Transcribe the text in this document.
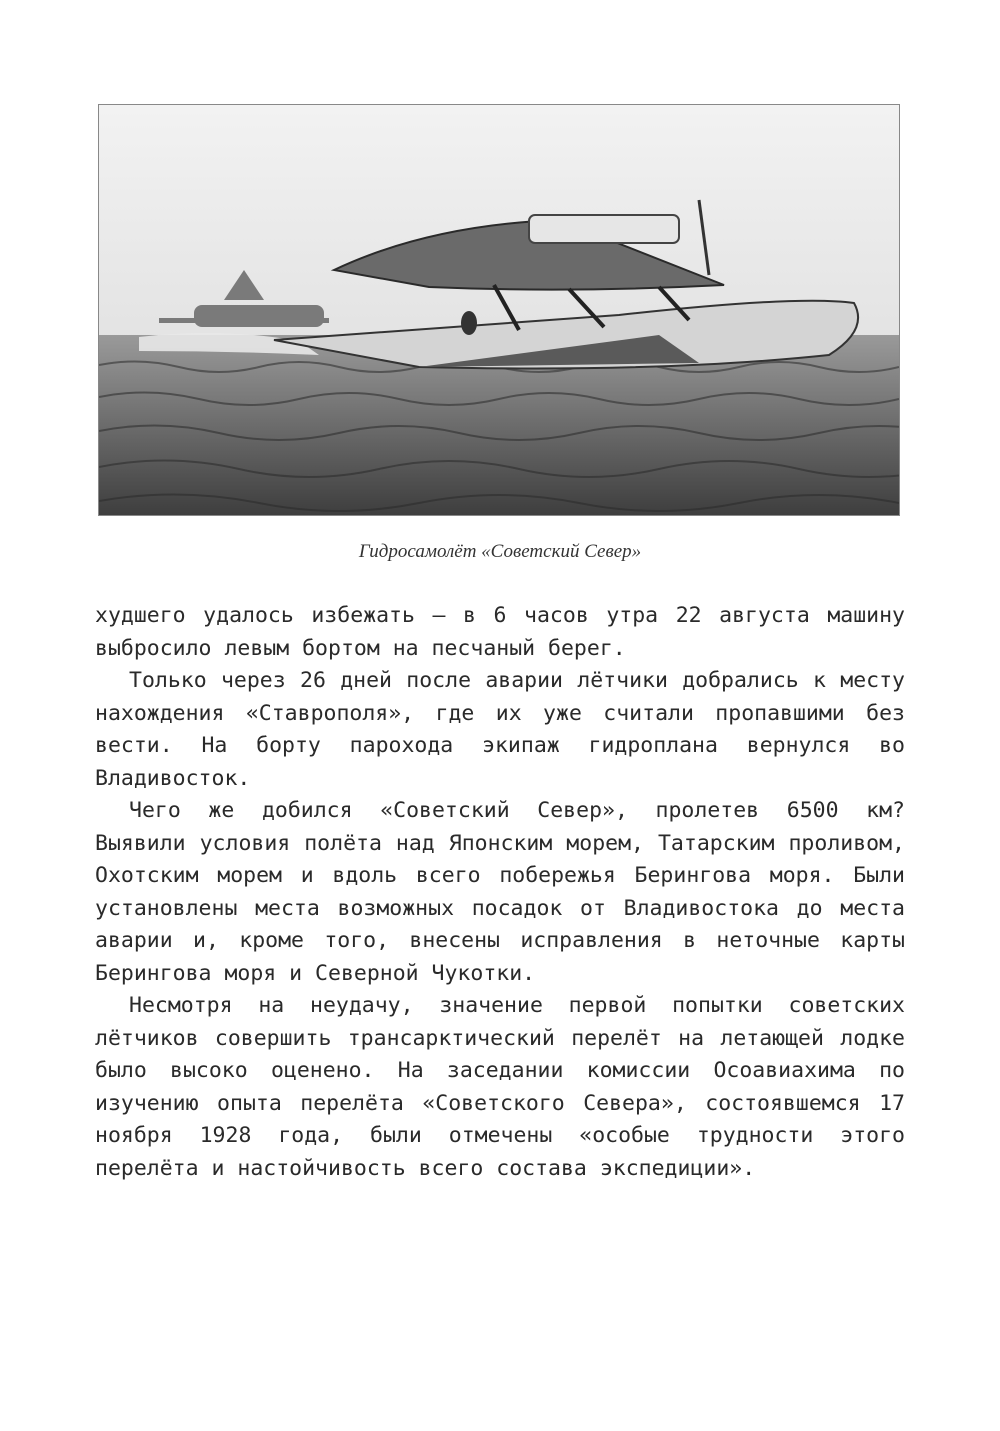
Гидросамолёт «Советский Север»

худшего удалось избежать — в 6 часов утра 22 августа машину выбросило левым бортом на песчаный берег.

Только через 26 дней после аварии лётчики добрались к месту нахождения «Ставрополя», где их уже считали пропавшими без вести. На борту парохода экипаж гидроплана вернулся во Владивосток.

Чего же добился «Советский Север», пролетев 6500 км? Выявили условия полёта над Японским морем, Татарским проливом, Охотским морем и вдоль всего побережья Берингова моря. Были установлены места возможных посадок от Владивостока до места аварии и, кроме того, внесены исправления в неточные карты Берингова моря и Северной Чукотки.

Несмотря на неудачу, значение первой попытки советских лётчиков совершить трансарктический перелёт на летающей лодке было высоко оценено. На заседании комиссии Осоавиахима по изучению опыта перелёта «Советского Севера», состоявшемся 17 ноября 1928 года, были отмечены «особые трудности этого перелёта и настойчивость всего состава экспедиции».
